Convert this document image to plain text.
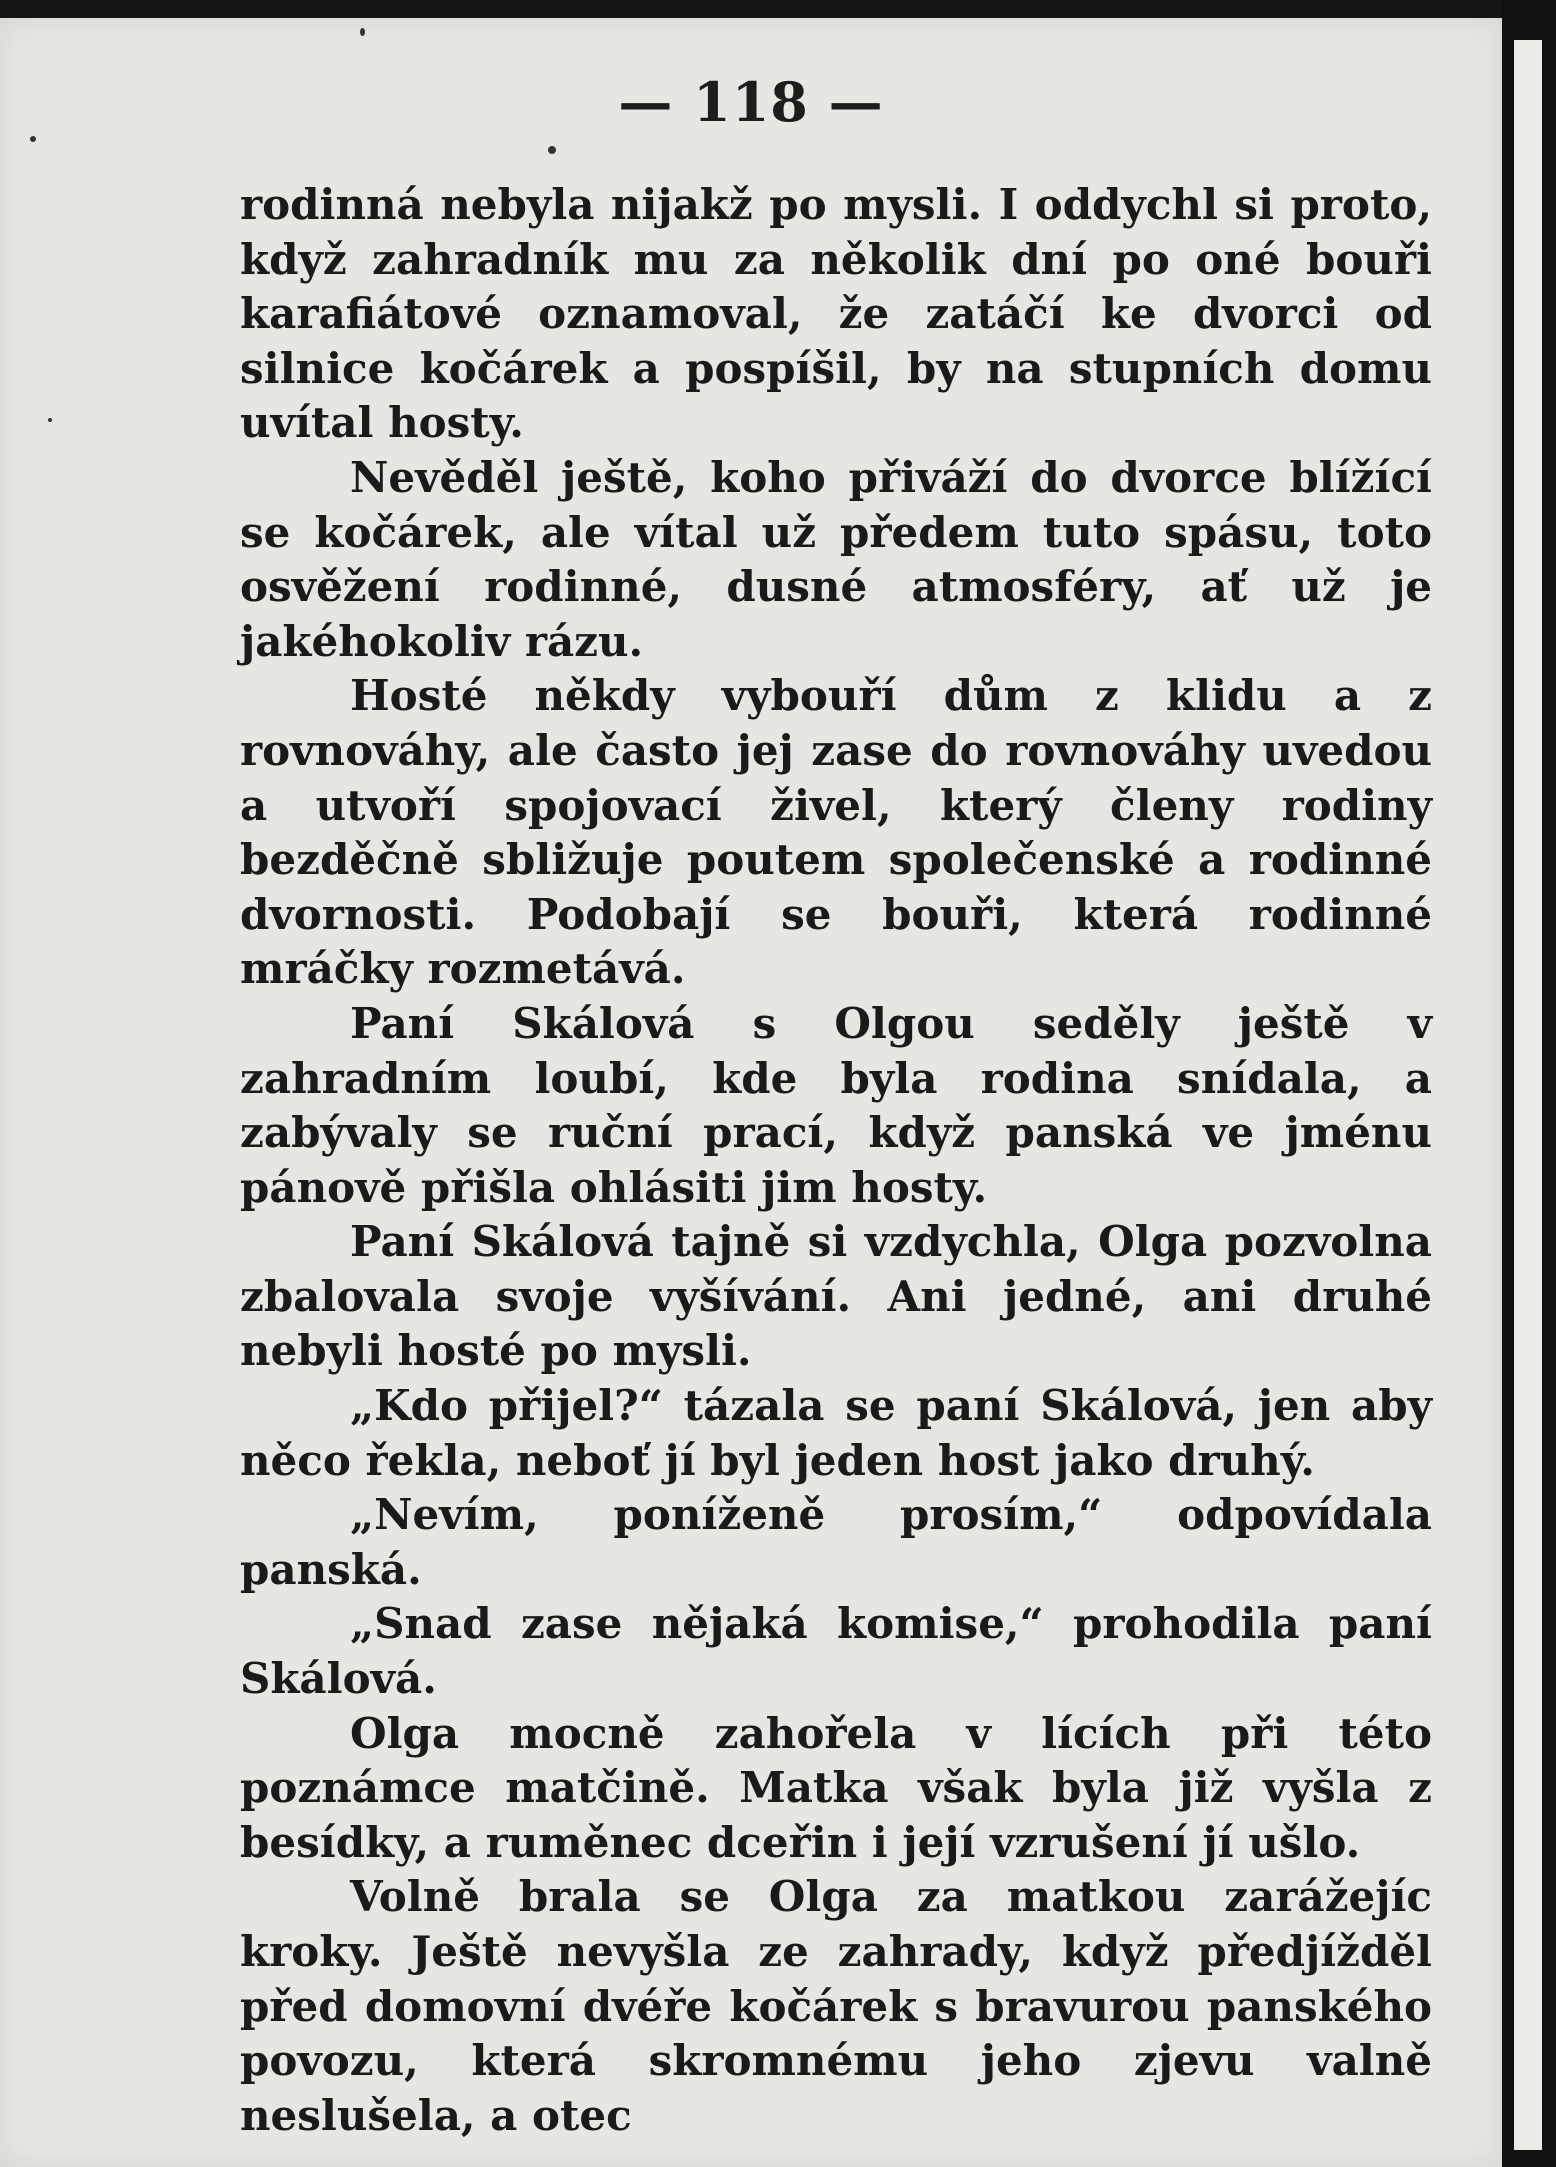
— 118 —

rodinná nebyla nijakž po mysli. I oddychl si proto, když zahradník mu za několik dní po oné bouři karafiátové oznamoval, že zatáčí ke dvorci od silnice kočárek a pospíšil, by na stupních domu uvítal hosty.

Nevěděl ještě, koho přiváží do dvorce blížící se kočárek, ale vítal už předem tuto spásu, toto osvěžení rodinné, dusné atmosféry, ať už je jakéhokoliv rázu.

Hosté někdy vybouří dům z klidu a z rovnováhy, ale často jej zase do rovnováhy uvedou a utvoří spojovací živel, který členy rodiny bezděčně sbližuje poutem společenské a rodinné dvornosti. Podobají se bouři, která rodinné mráčky rozmetává.

Paní Skálová s Olgou seděly ještě v zahradním loubí, kde byla rodina snídala, a zabývaly se ruční prací, když panská ve jménu pánově přišla ohlásiti jim hosty.

Paní Skálová tajně si vzdychla, Olga pozvolna zbalovala svoje vyšívání. Ani jedné, ani druhé nebyli hosté po mysli.

„Kdo přijel?“ tázala se paní Skálová, jen aby něco řekla, neboť jí byl jeden host jako druhý.

„Nevím, poníženě prosím,“ odpovídala panská.

„Snad zase nějaká komise,“ prohodila paní Skálová.

Olga mocně zahořela v lících při této poznámce matčině. Matka však byla již vyšla z besídky, a ruměnec dceřin i její vzrušení jí ušlo.

Volně brala se Olga za matkou zarážejíc kroky. Ještě nevyšla ze zahrady, když předjížděl před domovní dvéře kočárek s bravurou panského povozu, která skromnému jeho zjevu valně neslušela, a otec
